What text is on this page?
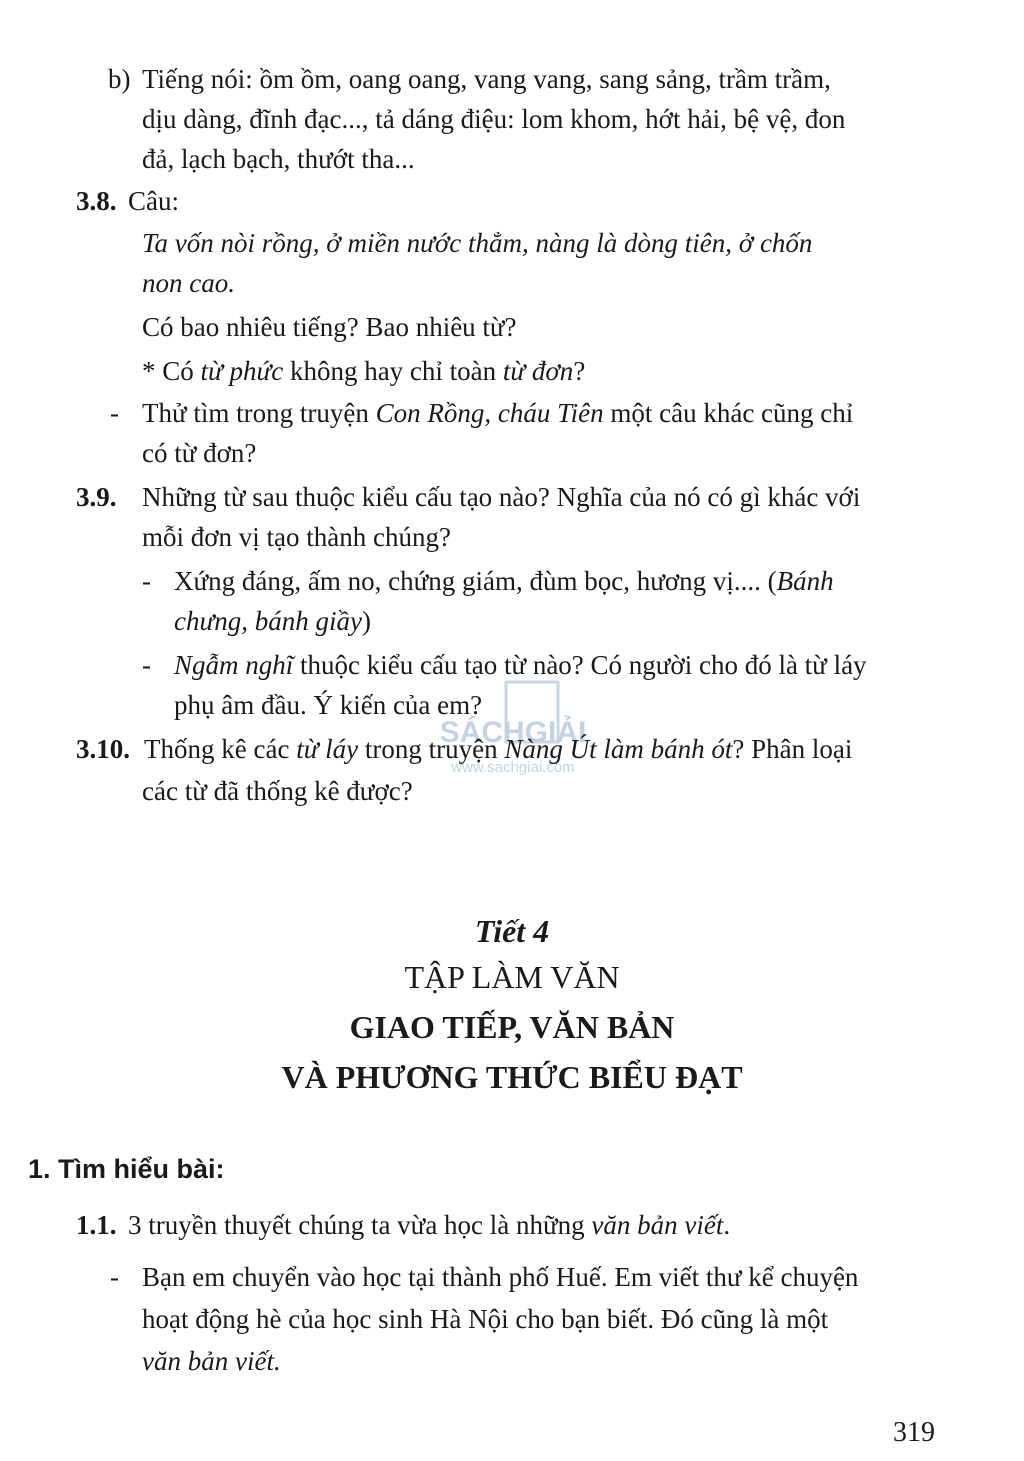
b) Tiếng nói: ồm ồm, oang oang, vang vang, sang sảng, trầm trầm,
dịu dàng, đĩnh đạc..., tả dáng điệu: lom khom, hớt hải, bệ vệ, đon
đả, lạch bạch, thướt tha...
3.8. Câu:
Ta vốn nòi rồng, ở miền nước thẳm, nàng là dòng tiên, ở chốn
non cao.
Có bao nhiêu tiếng? Bao nhiêu từ?
* Có từ phức không hay chỉ toàn từ đơn?
- Thử tìm trong truyện Con Rồng, cháu Tiên một câu khác cũng chỉ
có từ đơn?
3.9. Những từ sau thuộc kiểu cấu tạo nào? Nghĩa của nó có gì khác với
mỗi đơn vị tạo thành chúng?
- Xứng đáng, ấm no, chứng giám, đùm bọc, hương vị.... (Bánh
chưng, bánh giầy)
- Ngẫm nghĩ thuộc kiểu cấu tạo từ nào? Có người cho đó là từ láy
phụ âm đầu. Ý kiến của em?
SÁCHGIẢI
www.sachgiai.com
3.10. Thống kê các từ láy trong truyện Nàng Út làm bánh ót? Phân loại
các từ đã thống kê được?
Tiết 4
TẬP LÀM VĂN
GIAO TIẾP, VĂN BẢN
VÀ PHƯƠNG THỨC BIỂU ĐẠT
1. Tìm hiểu bài:
1.1. 3 truyền thuyết chúng ta vừa học là những văn bản viết.
- Bạn em chuyển vào học tại thành phố Huế. Em viết thư kể chuyện
hoạt động hè của học sinh Hà Nội cho bạn biết. Đó cũng là một
văn bản viết.
319
